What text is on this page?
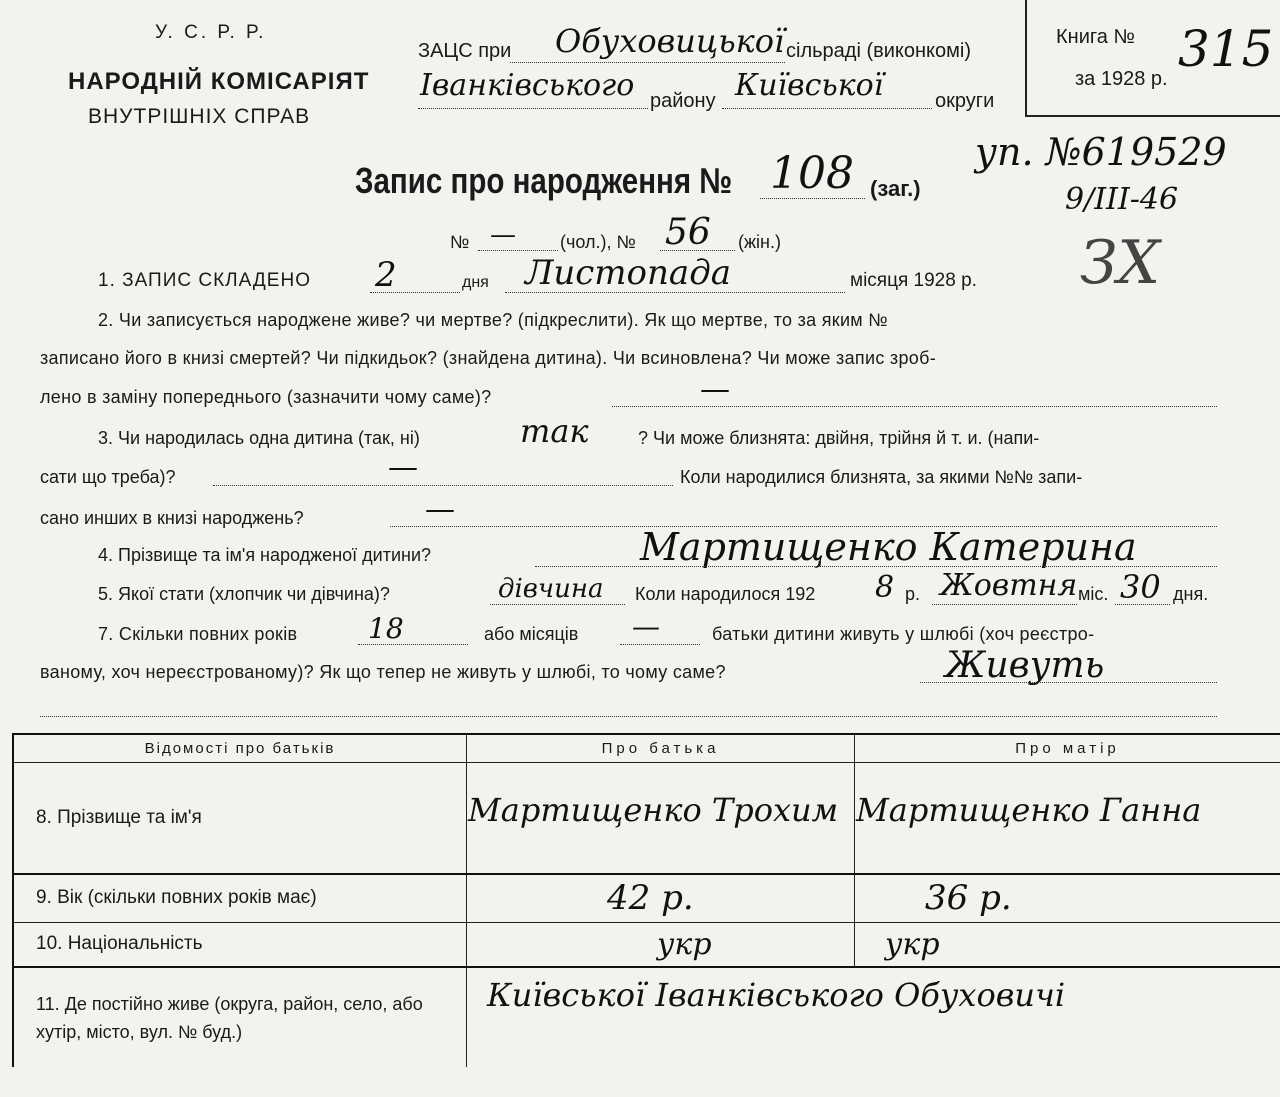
У. С. Р. Р.
НАРОДНІЙ КОМІСАРІЯТ
ВНУТРІШНІХ СПРАВ
ЗАЦС при Обуховицької сільраді (виконкомі)
Іванківського району Київської	округи
Книга № 315
за 1928 р.
Запис про народження № 108 (заг.)
уп. №619529
9/ІІІ-46
ЗХ
№ — (чол.), № 56 (жін.)
1. ЗАПИС СКЛАДЕНО 2	дня Листопада	місяця 1928 р.
2. Чи записується народжене живе? чи мертве? (підкреслити). Як що мертве, то за яким №
записано його в книзі смертей? Чи підкидьок? (знайдена дитина). Чи всиновлена? Чи може запис зроб-
лено в заміну попереднього (зазначити чому саме)?	—
3. Чи народилась одна дитина (так, ні)	так	? Чи може близнята: двійня, трійня й т. и. (напи-
сати що треба)?	—	Коли народилися близнята, за якими №№ запи-
сано инших в книзі народжень?	—
4. Прізвище та ім'я народженої дитини?	Мартищенко Катерина
5. Якої стати (хлопчик чи дівчина)?	дівчина Коли народилося 192 8 р. Жовтня міс. 30 дня.
7. Скільки повних років	18	або місяців —	батьки дитини живуть у шлюбі (хоч реєстро-
ваному, хоч нереєстрованому)? Як що тепер не живуть у шлюбі, то чому саме?	Живуть
Відомості про батьків	Про батька	Про матір
8. Прізвище та ім'я	Мартищенко Трохим	Мартищенко Ганна
9. Вік (скільки повних років має)	42 р.	36 р.
10. Національність	укр	укр
11. Де постійно живе (округа, район, село, або хутір, місто, вул. № буд.)	Київської Іванківського Обуховичі	
